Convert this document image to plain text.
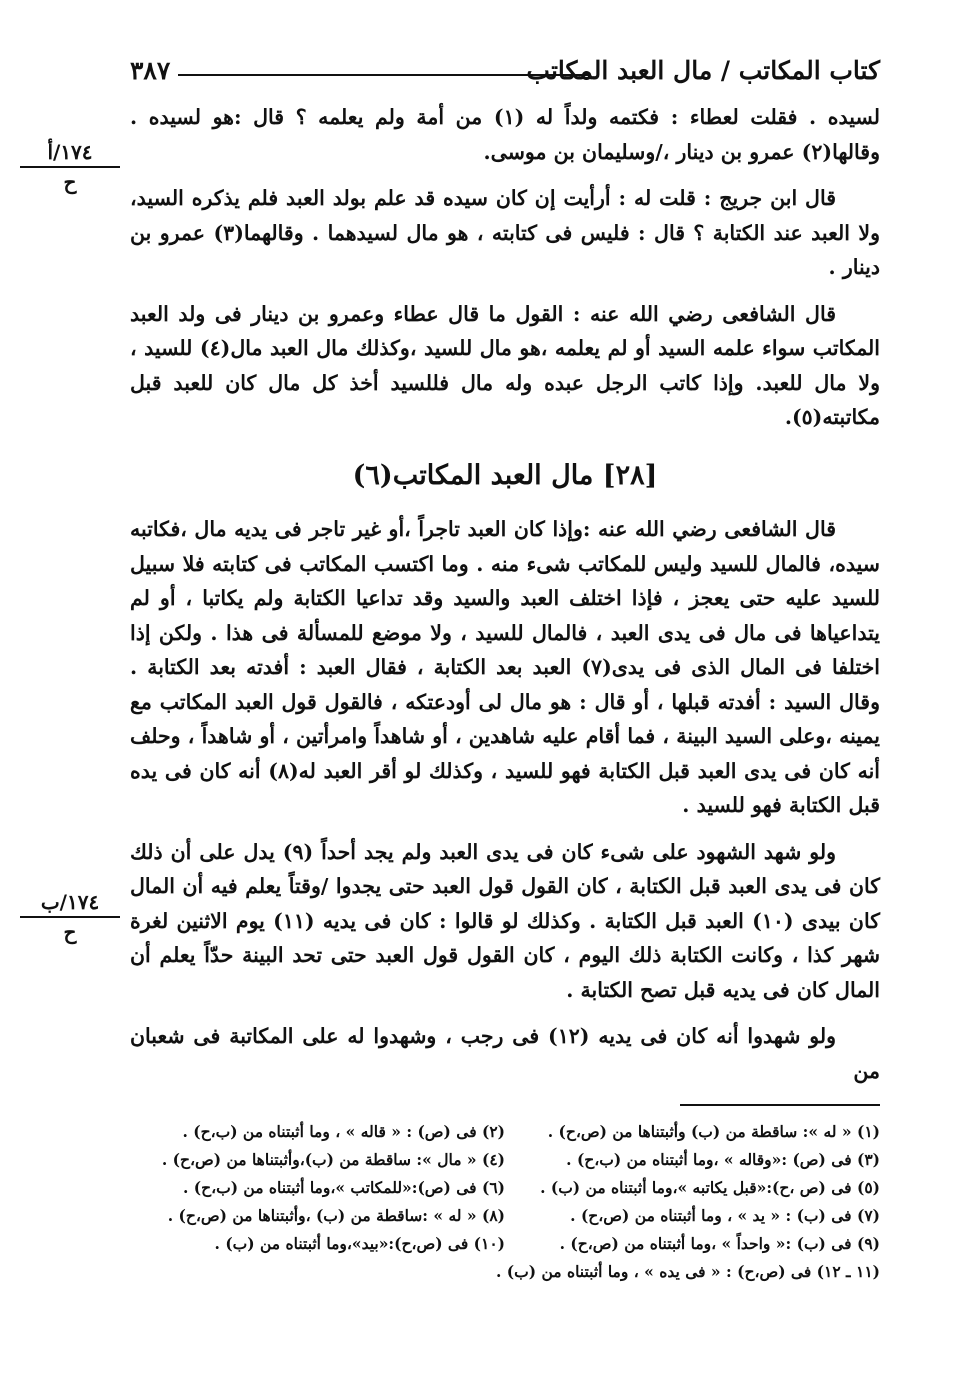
كتاب المكاتب / مال العبد المكاتب
٣٨٧
١٧٤/أ
ح
١٧٤/ب
ح

لسيده . فقلت لعطاء : فكتمه ولداً له (١) من أمة ولم يعلمه ؟ قال :هو لسيده . وقالها(٢) عمرو بن دينار ،/وسليمان بن موسى.

قال ابن جريج : قلت له : أرأيت إن كان سيده قد علم بولد العبد فلم يذكره السيد، ولا العبد عند الكتابة ؟ قال : فليس فى كتابته ، هو مال لسيدهما . وقالهما(٣) عمرو بن دينار .

قال الشافعى رضي الله عنه : القول ما قال عطاء وعمرو بن دينار فى ولد العبد المكاتب سواء علمه السيد أو لم يعلمه ،هو مال للسيد ،وكذلك مال العبد مال(٤) للسيد ، ولا مال للعبد. وإذا كاتب الرجل عبده وله مال فللسيد أخذ كل مال كان للعبد قبل مكاتبته(٥).

[٢٨] مال العبد المكاتب(٦)

قال الشافعى رضي الله عنه :وإذا كان العبد تاجراً ،أو غير تاجر فى يديه مال ،فكاتبه سيده، فالمال للسيد وليس للمكاتب شىء منه . وما اكتسب المكاتب فى كتابته فلا سبيل للسيد عليه حتى يعجز ، فإذا اختلف العبد والسيد وقد تداعيا الكتابة ولم يكاتبا ، أو لم يتداعياها فى مال فى يدى العبد ، فالمال للسيد ، ولا موضع للمسألة فى هذا . ولكن إذا اختلفا فى المال الذى فى يدى(٧) العبد بعد الكتابة ، فقال العبد : أفدته بعد الكتابة . وقال السيد : أفدته قبلها ، أو قال : هو مال لى أودعتكه ، فالقول قول العبد المكاتب مع يمينه ،وعلى السيد البينة ، فما أقام عليه شاهدين ، أو شاهداً وامرأتين ، أو شاهداً ، وحلف أنه كان فى يدى العبد قبل الكتابة فهو للسيد ، وكذلك لو أقر العبد له(٨) أنه كان فى يده قبل الكتابة فهو للسيد .

ولو شهد الشهود على شىء كان فى يدى العبد ولم يجد أحداً (٩) يدل على أن ذلك كان فى يدى العبد قبل الكتابة ، كان القول قول العبد حتى يجدوا /وقتاً يعلم فيه أن المال كان بيدى (١٠) العبد قبل الكتابة . وكذلك لو قالوا : كان فى يديه (١١) يوم الاثنين لغرة شهر كذا ، وكانت الكتابة ذلك اليوم ، كان القول قول العبد حتى تحد البينة حدّاً يعلم أن المال كان فى يديه قبل تصح الكتابة .

ولو شهدوا أنه كان فى يديه (١٢) فى رجب ، وشهدوا له على المكاتبة فى شعبان من

(١) « له »: ساقطة من (ب) وأثبتناها من (ص،ح) .
(٢) فى (ص) : « قاله » ، وما أثبتناه من (ب،ح) .
(٣) فى (ص) :«وقاله » ،وما أثبتناه من (ب،ح) .
(٤) « مال »: ساقطة من (ب)،وأثبتناها من (ص،ح) .
(٥) فى (ص ،ح):«قبل يكاتبه »،وما أثبتناه من (ب) .
(٦) فى (ص):«للمكاتب »،وما أثبتناه من (ب،ح) .
(٧) فى (ب) : « يد » ، وما أثبتناه من (ص،ح) .
(٨) « له » :ساقطة من (ب) ،وأثبتناها من (ص،ح) .
(٩) فى (ب) :« واحداً » ،وما أثبتناه من (ص،ح) .
(١٠) فى (ص،ح):«بيد»،وما أثبتناه من (ب) .
(١١ ـ ١٢) فى (ص،ح) : « فى يده » ، وما أثبتناه من (ب) .
